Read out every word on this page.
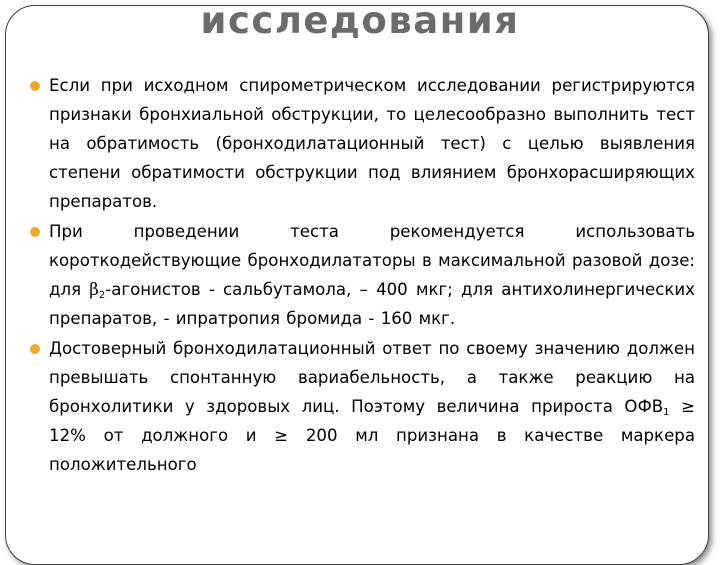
исследования
Если при исходном спирометрическом исследовании регистрируются признаки бронхиальной обструкции, то целесообразно выполнить тест на обратимость (бронходилатационный тест) с целью выявления степени обратимости обструкции под влиянием бронхорасширяющих препаратов.
При проведении теста рекомендуется использовать короткодействующие бронходилататоры в максимальной разовой дозе: для $\beta_2$-агонистов - сальбутамола, – 400 мкг; для антихолинергических препаратов, - ипратропия бромида - 160 мкг.
Достоверный бронходилатационный ответ по своему значению должен превышать спонтанную вариабельность, а также реакцию на бронхолитики у здоровых лиц. Поэтому величина прироста $ОФВ_1 \ge 12\%$ от должного и ≥ 200 мл признана в качестве маркера положительного
